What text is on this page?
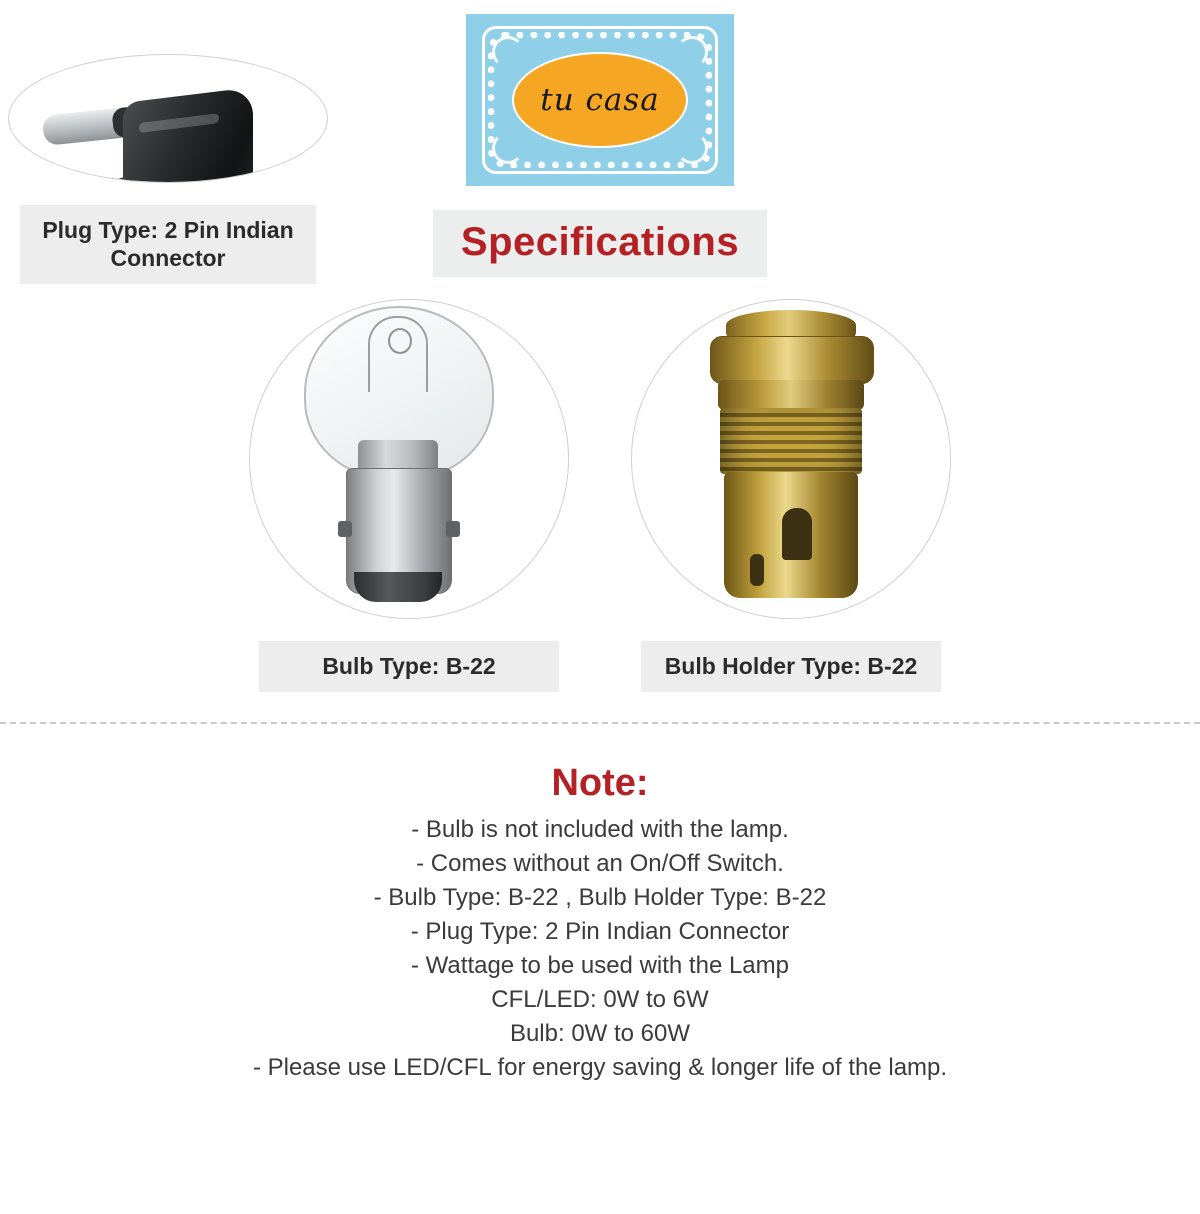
tu casa
Specifications
Bulb Type: B-22	Bulb Holder Type: B-22
Plug Type: 2 Pin Indian Connector
Note:
- Bulb is not included with the lamp.
- Comes without an On/Off Switch.
- Bulb Type: B-22 , Bulb Holder Type: B-22
- Plug Type: 2 Pin Indian Connector
- Wattage to be used with the Lamp
CFL/LED: 0W to 6W
Bulb: 0W to 60W
- Please use LED/CFL for energy saving & longer life of the lamp.
